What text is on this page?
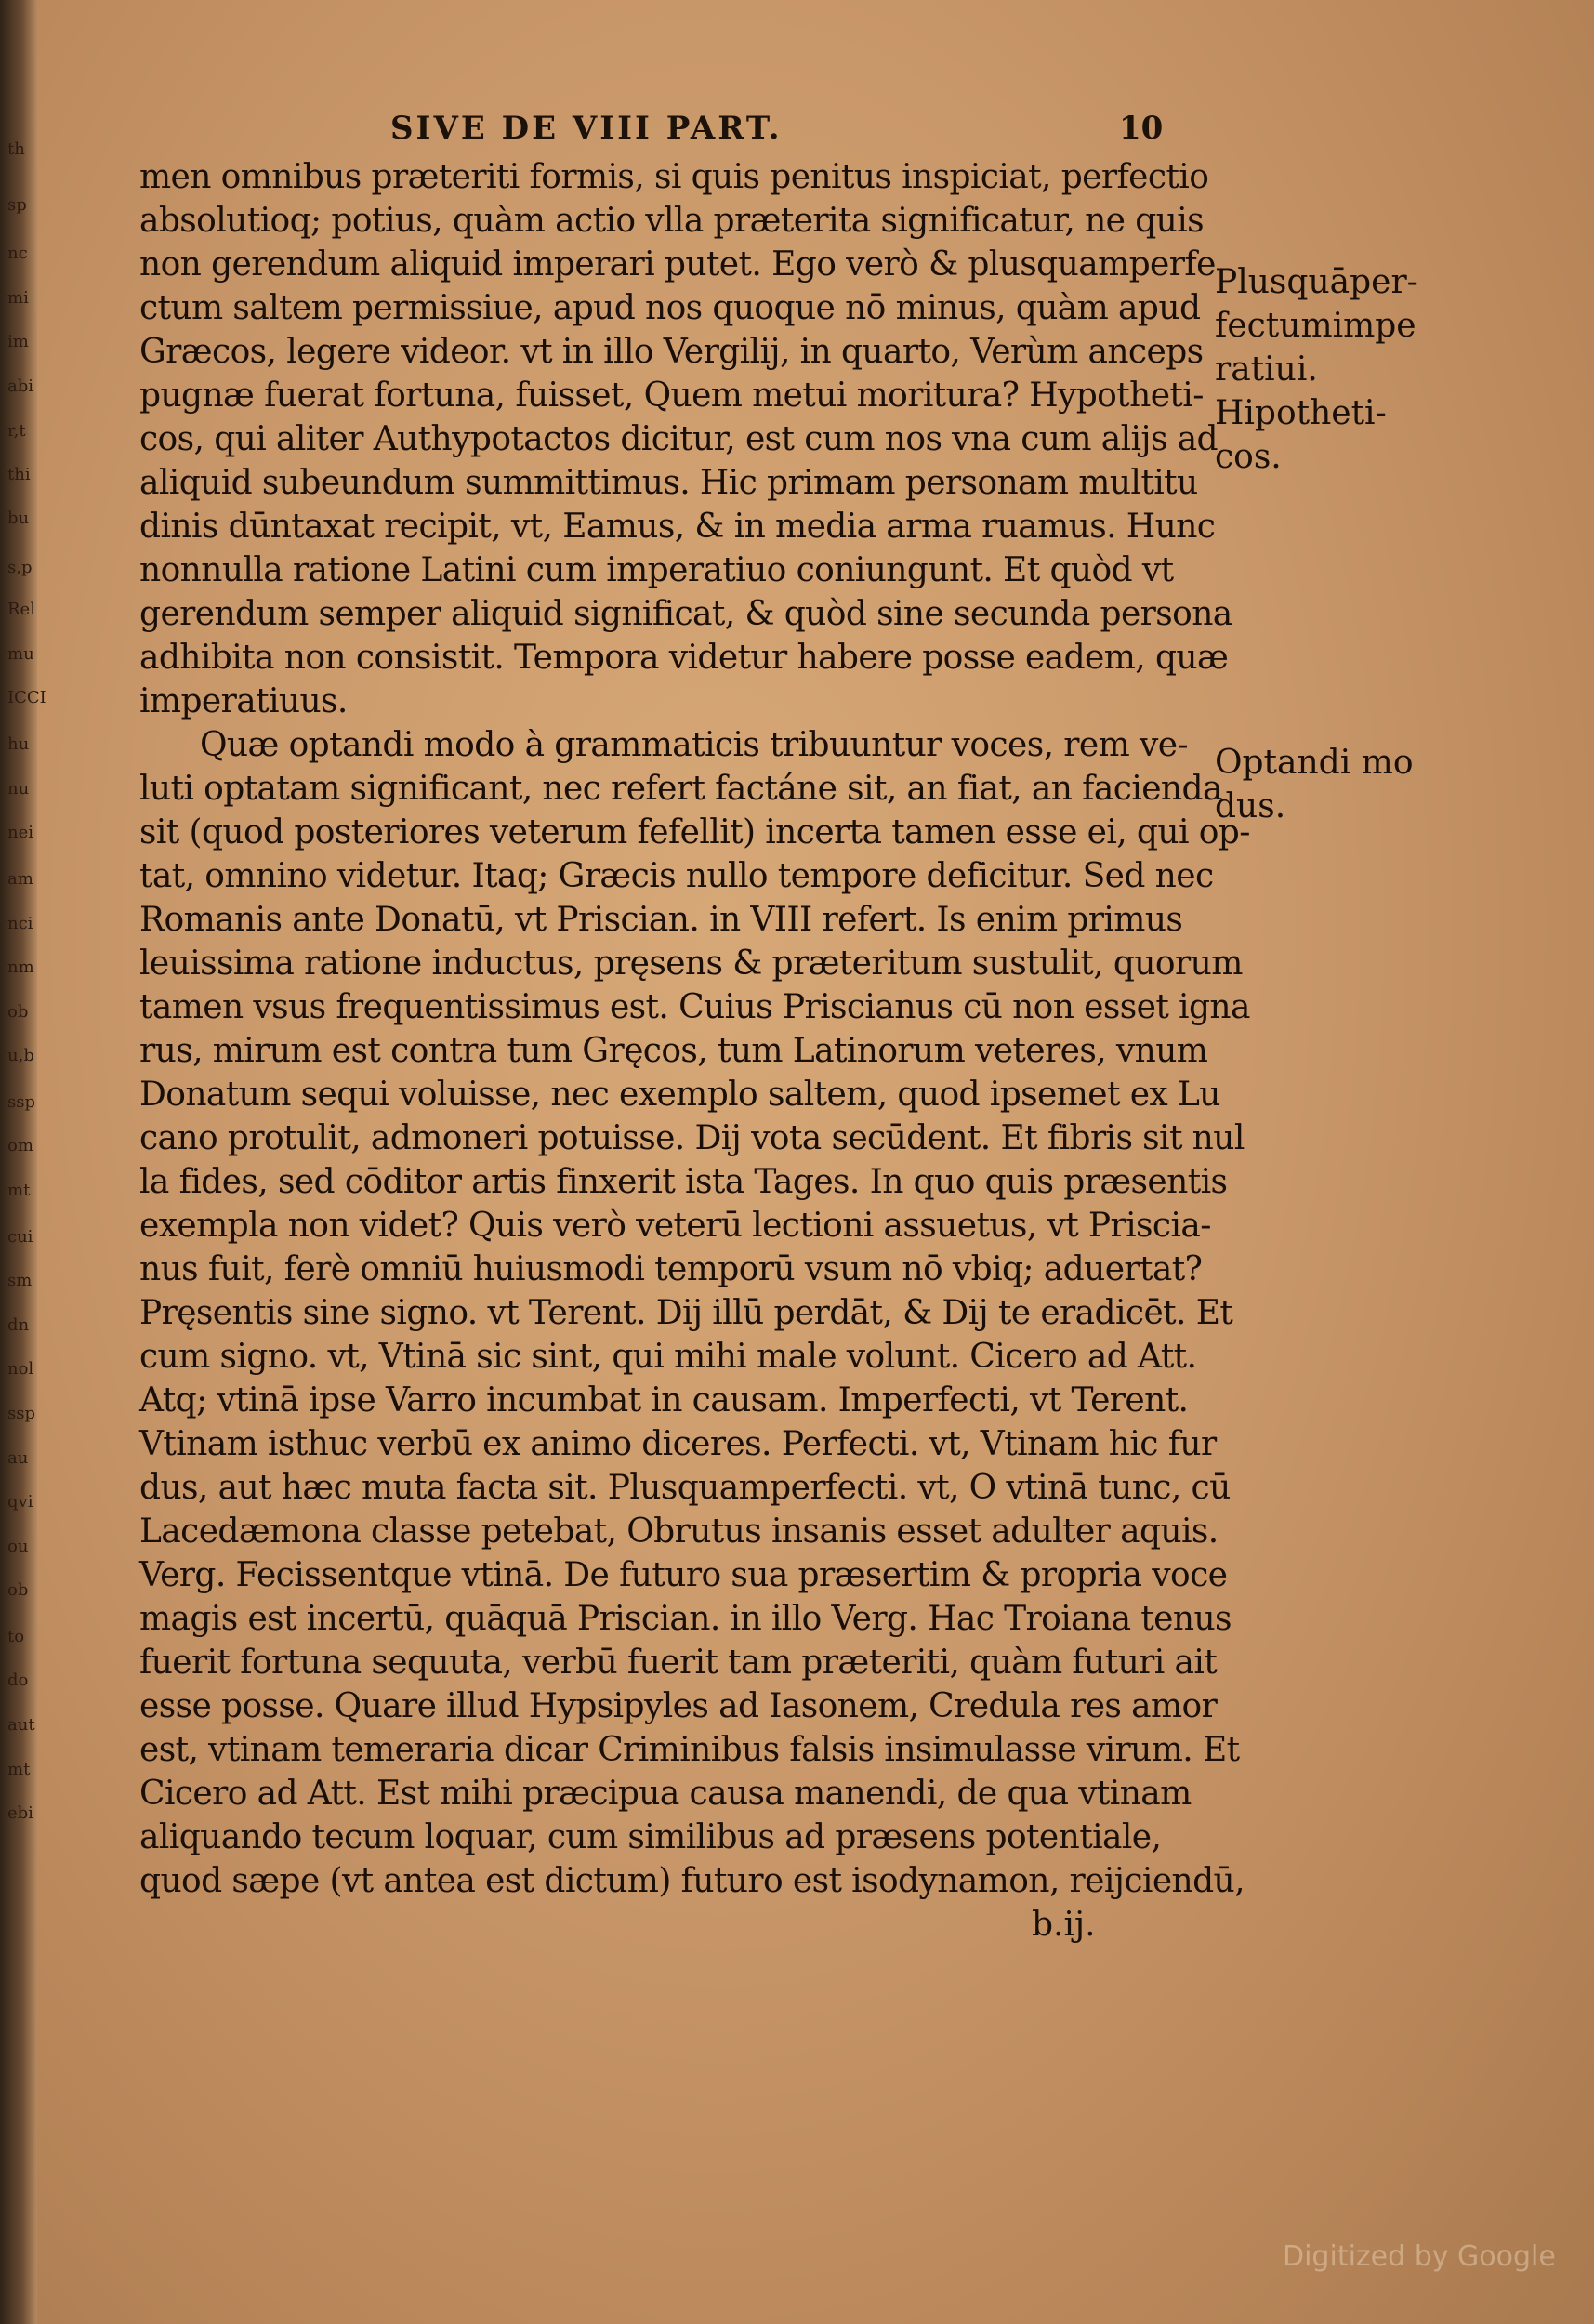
th
sp
nc
mi
im
abi
r,t
thi
bu
s,p
Rel
mu
ICCI
hu
nu
nei
am
nci
nm
ob
u,b
ssp
om
mt
cui
sm
dn
nol
ssp
au
qvi
ou
ob
to
do
aut
mt
ebi
SIVE DE VIII PART.	10
men omnibus præteriti formis, si quis penitus inspiciat, perfectio
absolutioq; potius, quàm actio vlla præterita significatur, ne quis
non gerendum aliquid imperari putet. Ego verò & plusquamperfe
ctum saltem permissiue, apud nos quoque nō minus, quàm apud
Græcos, legere videor. vt in illo Vergilij, in quarto, Verùm anceps
pugnæ fuerat fortuna, fuisset, Quem metui moritura? Hypotheti-
cos, qui aliter Authypotactos dicitur, est cum nos vna cum alijs ad
aliquid subeundum summittimus. Hic primam personam multitu
dinis dūntaxat recipit, vt, Eamus, & in media arma ruamus. Hunc
nonnulla ratione Latini cum imperatiuo coniungunt. Et quòd vt
gerendum semper aliquid significat, & quòd sine secunda persona
adhibita non consistit. Tempora videtur habere posse eadem, quæ
imperatiuus.
Quæ optandi modo à grammaticis tribuuntur voces, rem ve-
luti optatam significant, nec refert factáne sit, an fiat, an facienda
sit (quod posteriores veterum fefellit) incerta tamen esse ei, qui op-
tat, omnino videtur. Itaq; Græcis nullo tempore deficitur. Sed nec
Romanis ante Donatū, vt Priscian. in VIII refert. Is enim primus
leuissima ratione inductus, pręsens & præteritum sustulit, quorum
tamen vsus frequentissimus est. Cuius Priscianus cū non esset igna
rus, mirum est contra tum Gręcos, tum Latinorum veteres, vnum
Donatum sequi voluisse, nec exemplo saltem, quod ipsemet ex Lu
cano protulit, admoneri potuisse. Dij vota secūdent. Et fibris sit nul
la fides, sed cōditor artis finxerit ista Tages. In quo quis præsentis
exempla non videt? Quis verò veterū lectioni assuetus, vt Priscia-
nus fuit, ferè omniū huiusmodi temporū vsum nō vbiq; aduertat?
Pręsentis sine signo. vt Terent. Dij illū perdāt, & Dij te eradicēt. Et
cum signo. vt, Vtinā sic sint, qui mihi male volunt. Cicero ad Att.
Atq; vtinā ipse Varro incumbat in causam. Imperfecti, vt Terent.
Vtinam isthuc verbū ex animo diceres. Perfecti. vt, Vtinam hic fur
dus, aut hæc muta facta sit. Plusquamperfecti. vt, O vtinā tunc, cū
Lacedæmona classe petebat, Obrutus insanis esset adulter aquis.
Verg. Fecissentque vtinā. De futuro sua præsertim & propria voce
magis est incertū, quāquā Priscian. in illo Verg. Hac Troiana tenus
fuerit fortuna sequuta, verbū fuerit tam præteriti, quàm futuri ait
esse posse. Quare illud Hypsipyles ad Iasonem, Credula res amor
est, vtinam temeraria dicar Criminibus falsis insimulasse virum. Et
Cicero ad Att. Est mihi præcipua causa manendi, de qua vtinam
aliquando tecum loquar, cum similibus ad præsens potentiale,
quod sæpe (vt antea est dictum) futuro est isodynamon, reijciendū,
Plusquāper-
fectumimpe
ratiui.
Hipotheti-
cos.
Optandi mo
dus.
b.ij.
Digitized by Google
